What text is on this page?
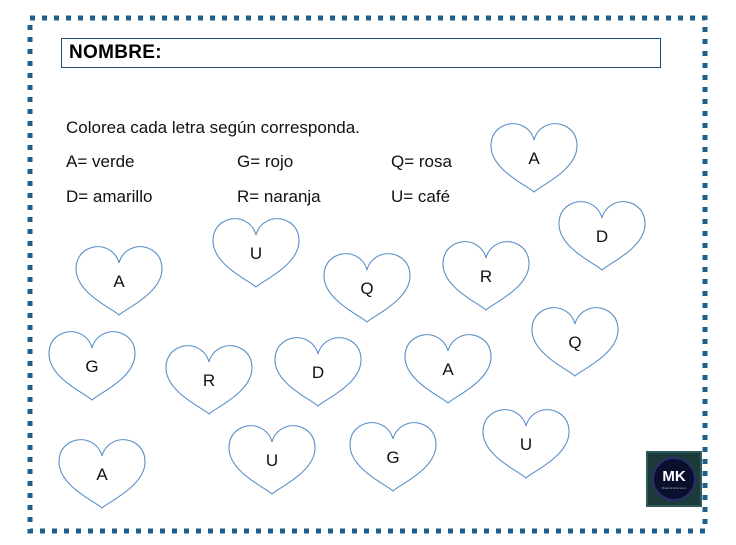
NOMBRE:
Colorea cada letra según corresponda.
A= verde	G= rojo	Q= rosa
D= amarillo	R= naranja	U= café
A
D
U
R
A	Q
Q
G
R	D	A
U
A
U	G
MK
Material Educativo
